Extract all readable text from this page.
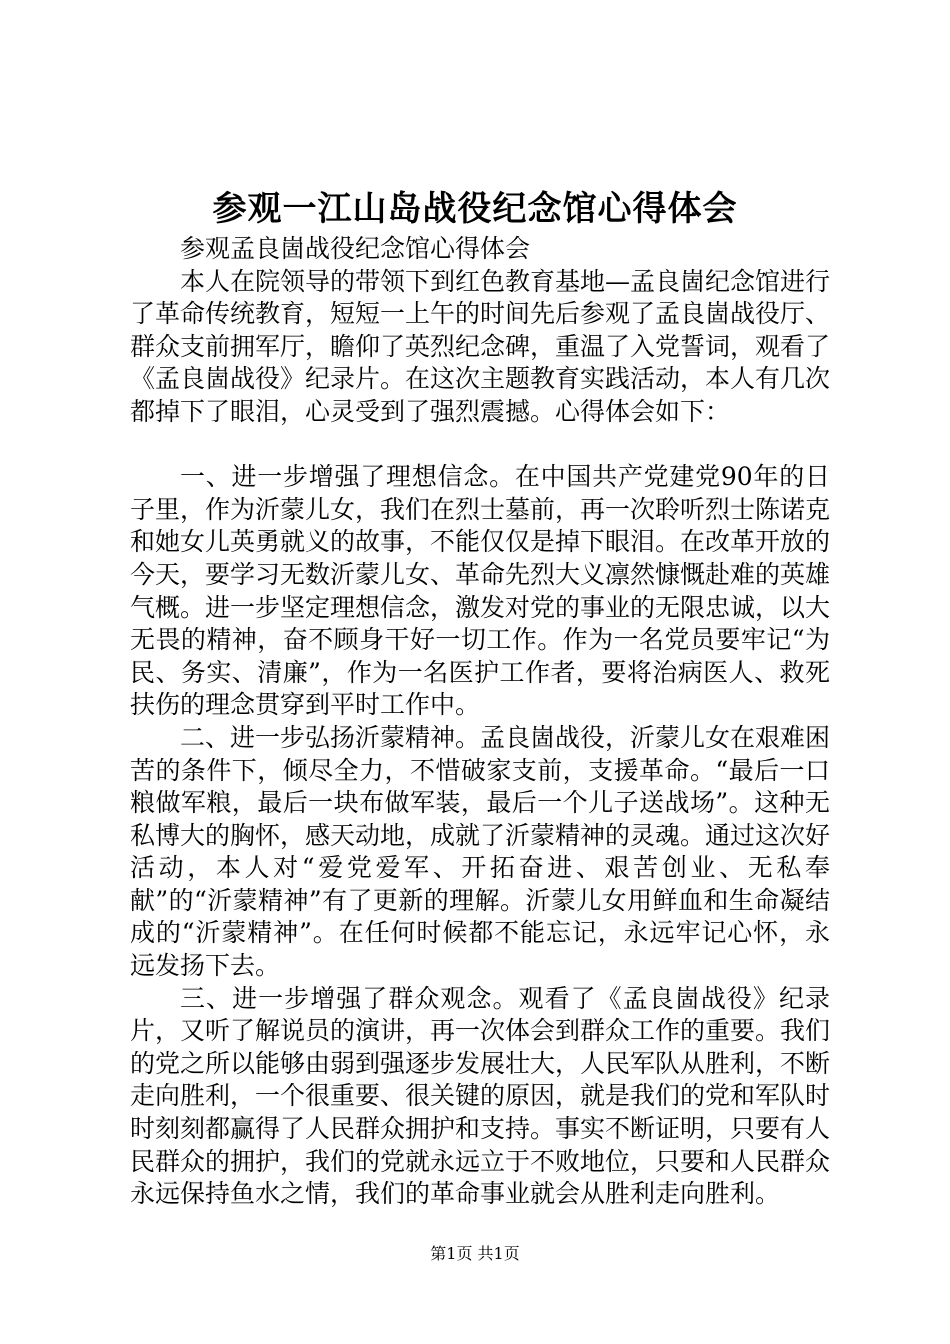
参观一江山岛战役纪念馆心得体会

参观孟良崮战役纪念馆心得体会

本人在院领导的带领下到红色教育基地—孟良崮纪念馆进行了革命传统教育，短短一上午的时间先后参观了孟良崮战役厅、群众支前拥军厅，瞻仰了英烈纪念碑，重温了入党誓词，观看了《孟良崮战役》纪录片。在这次主题教育实践活动，本人有几次都掉下了眼泪，心灵受到了强烈震撼。心得体会如下：

一、进一步增强了理想信念。在中国共产党建党90年的日子里，作为沂蒙儿女，我们在烈士墓前，再一次聆听烈士陈诺克和她女儿英勇就义的故事，不能仅仅是掉下眼泪。在改革开放的今天，要学习无数沂蒙儿女、革命先烈大义凛然慷慨赴难的英雄气概。进一步坚定理想信念，激发对党的事业的无限忠诚，以大无畏的精神，奋不顾身干好一切工作。作为一名党员要牢记“为民、务实、清廉”，作为一名医护工作者，要将治病医人、救死扶伤的理念贯穿到平时工作中。

二、进一步弘扬沂蒙精神。孟良崮战役，沂蒙儿女在艰难困苦的条件下，倾尽全力，不惜破家支前，支援革命。“最后一口粮做军粮，最后一块布做军装，最后一个儿子送战场”。这种无私博大的胸怀，感天动地，成就了沂蒙精神的灵魂。通过这次好活动，本人对“爱党爱军、开拓奋进、艰苦创业、无私奉献”的“沂蒙精神”有了更新的理解。沂蒙儿女用鲜血和生命凝结成的“沂蒙精神”。在任何时候都不能忘记，永远牢记心怀，永远发扬下去。

三、进一步增强了群众观念。观看了《孟良崮战役》纪录片，又听了解说员的演讲，再一次体会到群众工作的重要。我们的党之所以能够由弱到强逐步发展壮大，人民军队从胜利，不断走向胜利，一个很重要、很关键的原因，就是我们的党和军队时时刻刻都赢得了人民群众拥护和支持。事实不断证明，只要有人民群众的拥护，我们的党就永远立于不败地位，只要和人民群众永远保持鱼水之情，我们的革命事业就会从胜利走向胜利。

第1页 共1页
